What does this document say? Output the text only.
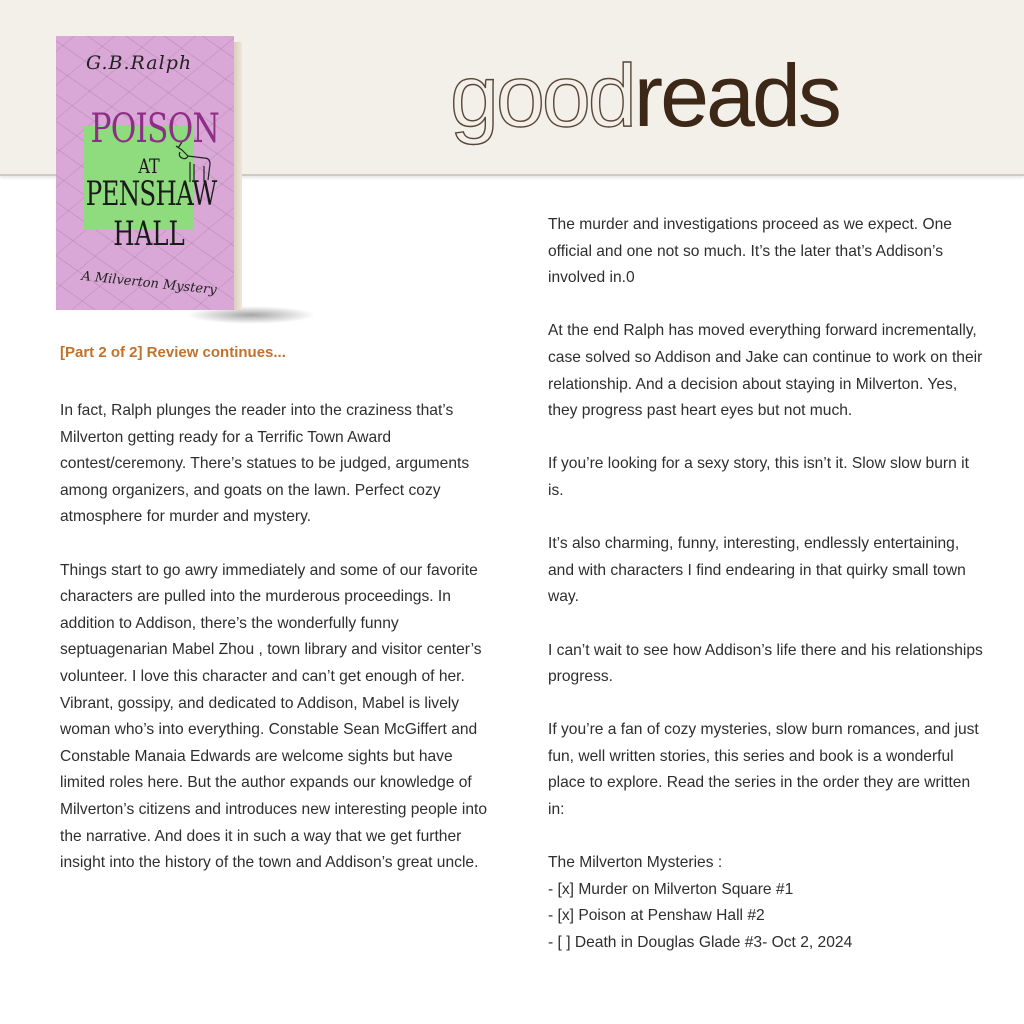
goodreads
G.B.Ralph
POISON
AT
PENSHAW
HALL
A Milverton Mystery
[Part 2 of 2] Review continues...

In fact, Ralph plunges the reader into the craziness that’s Milverton getting ready for a Terrific Town Award contest/ceremony. There’s statues to be judged, arguments among organizers, and goats on the lawn. Perfect cozy atmosphere for murder and mystery.

Things start to go awry immediately and some of our favorite characters are pulled into the murderous proceedings. In addition to Addison, there’s the wonderfully funny septuagenarian Mabel Zhou , town library and visitor center’s volunteer. I love this character and can’t get enough of her. Vibrant, gossipy, and dedicated to Addison, Mabel is lively woman who’s into everything. Constable Sean McGiffert and Constable Manaia Edwards are welcome sights but have limited roles here. But the author expands our knowledge of Milverton’s citizens and introduces new interesting people into the narrative. And does it in such a way that we get further insight into the history of the town and Addison’s great uncle.

The murder and investigations proceed as we expect. One official and one not so much. It’s the later that’s Addison’s involved in.0

At the end Ralph has moved everything forward incrementally, case solved so Addison and Jake can continue to work on their relationship. And a decision about staying in Milverton. Yes, they progress past heart eyes but not much.

If you’re looking for a sexy story, this isn’t it. Slow slow burn it is.

It’s also charming, funny, interesting, endlessly entertaining, and with characters I find endearing in that quirky small town way.

I can’t wait to see how Addison’s life there and his relationships progress.

If you’re a fan of cozy mysteries, slow burn romances, and just fun, well written stories, this series and book is a wonderful place to explore. Read the series in the order they are written in:

The Milverton Mysteries :
- [x] Murder on Milverton Square #1
- [x] Poison at Penshaw Hall #2
- [ ] Death in Douglas Glade #3- Oct 2, 2024
